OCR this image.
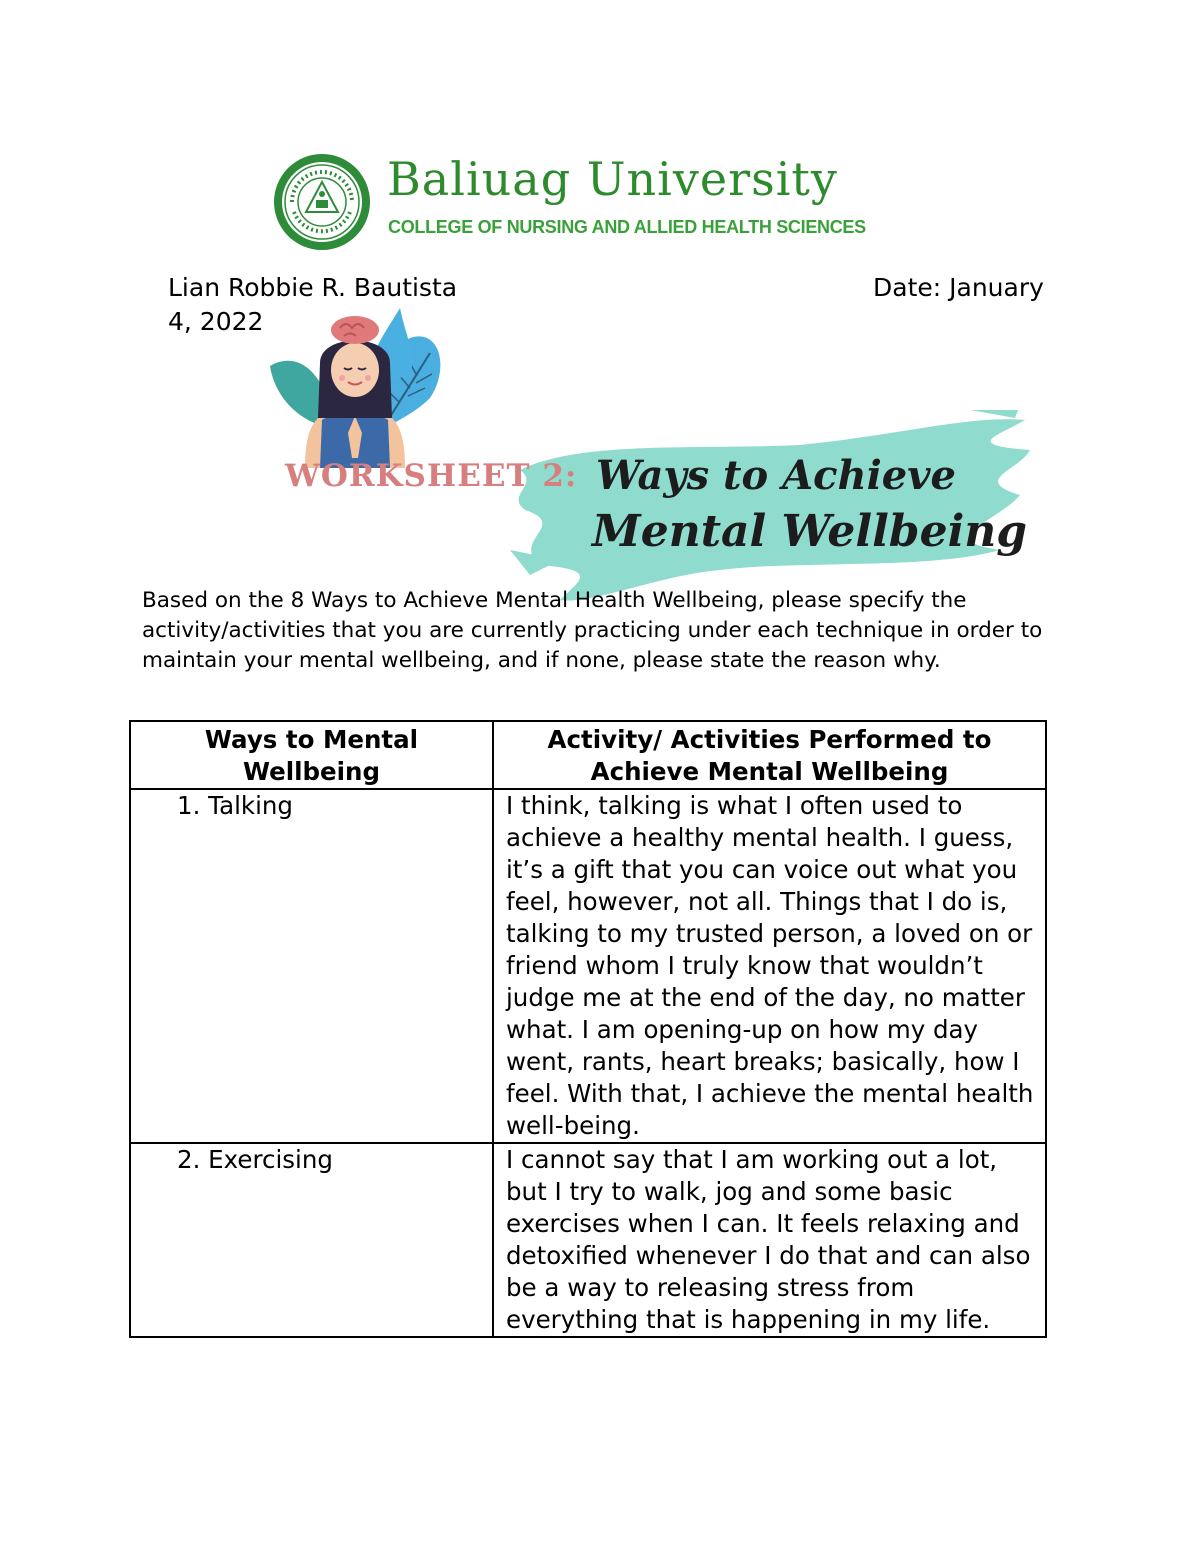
Baliuag University
COLLEGE OF NURSING AND ALLIED HEALTH SCIENCES
Lian Robbie R. Bautista	Date: January
4, 2022
WORKSHEET 2: Ways to Achieve
Mental Wellbeing
Based on the 8 Ways to Achieve Mental Health Wellbeing, please specify the activity/activities that you are currently practicing under each technique in order to maintain your mental wellbeing, and if none, please state the reason why.
Ways to Mental Wellbeing	Activity/ Activities Performed to Achieve Mental Wellbeing
1. Talking	I think, talking is what I often used to achieve a healthy mental health. I guess, it’s a gift that you can voice out what you feel, however, not all. Things that I do is, talking to my trusted person, a loved on or friend whom I truly know that wouldn’t judge me at the end of the day, no matter what. I am opening-up on how my day went, rants, heart breaks; basically, how I feel. With that, I achieve the mental health well-being.
2. Exercising	I cannot say that I am working out a lot, but I try to walk, jog and some basic exercises when I can. It feels relaxing and detoxified whenever I do that and can also be a way to releasing stress from everything that is happening in my life.
